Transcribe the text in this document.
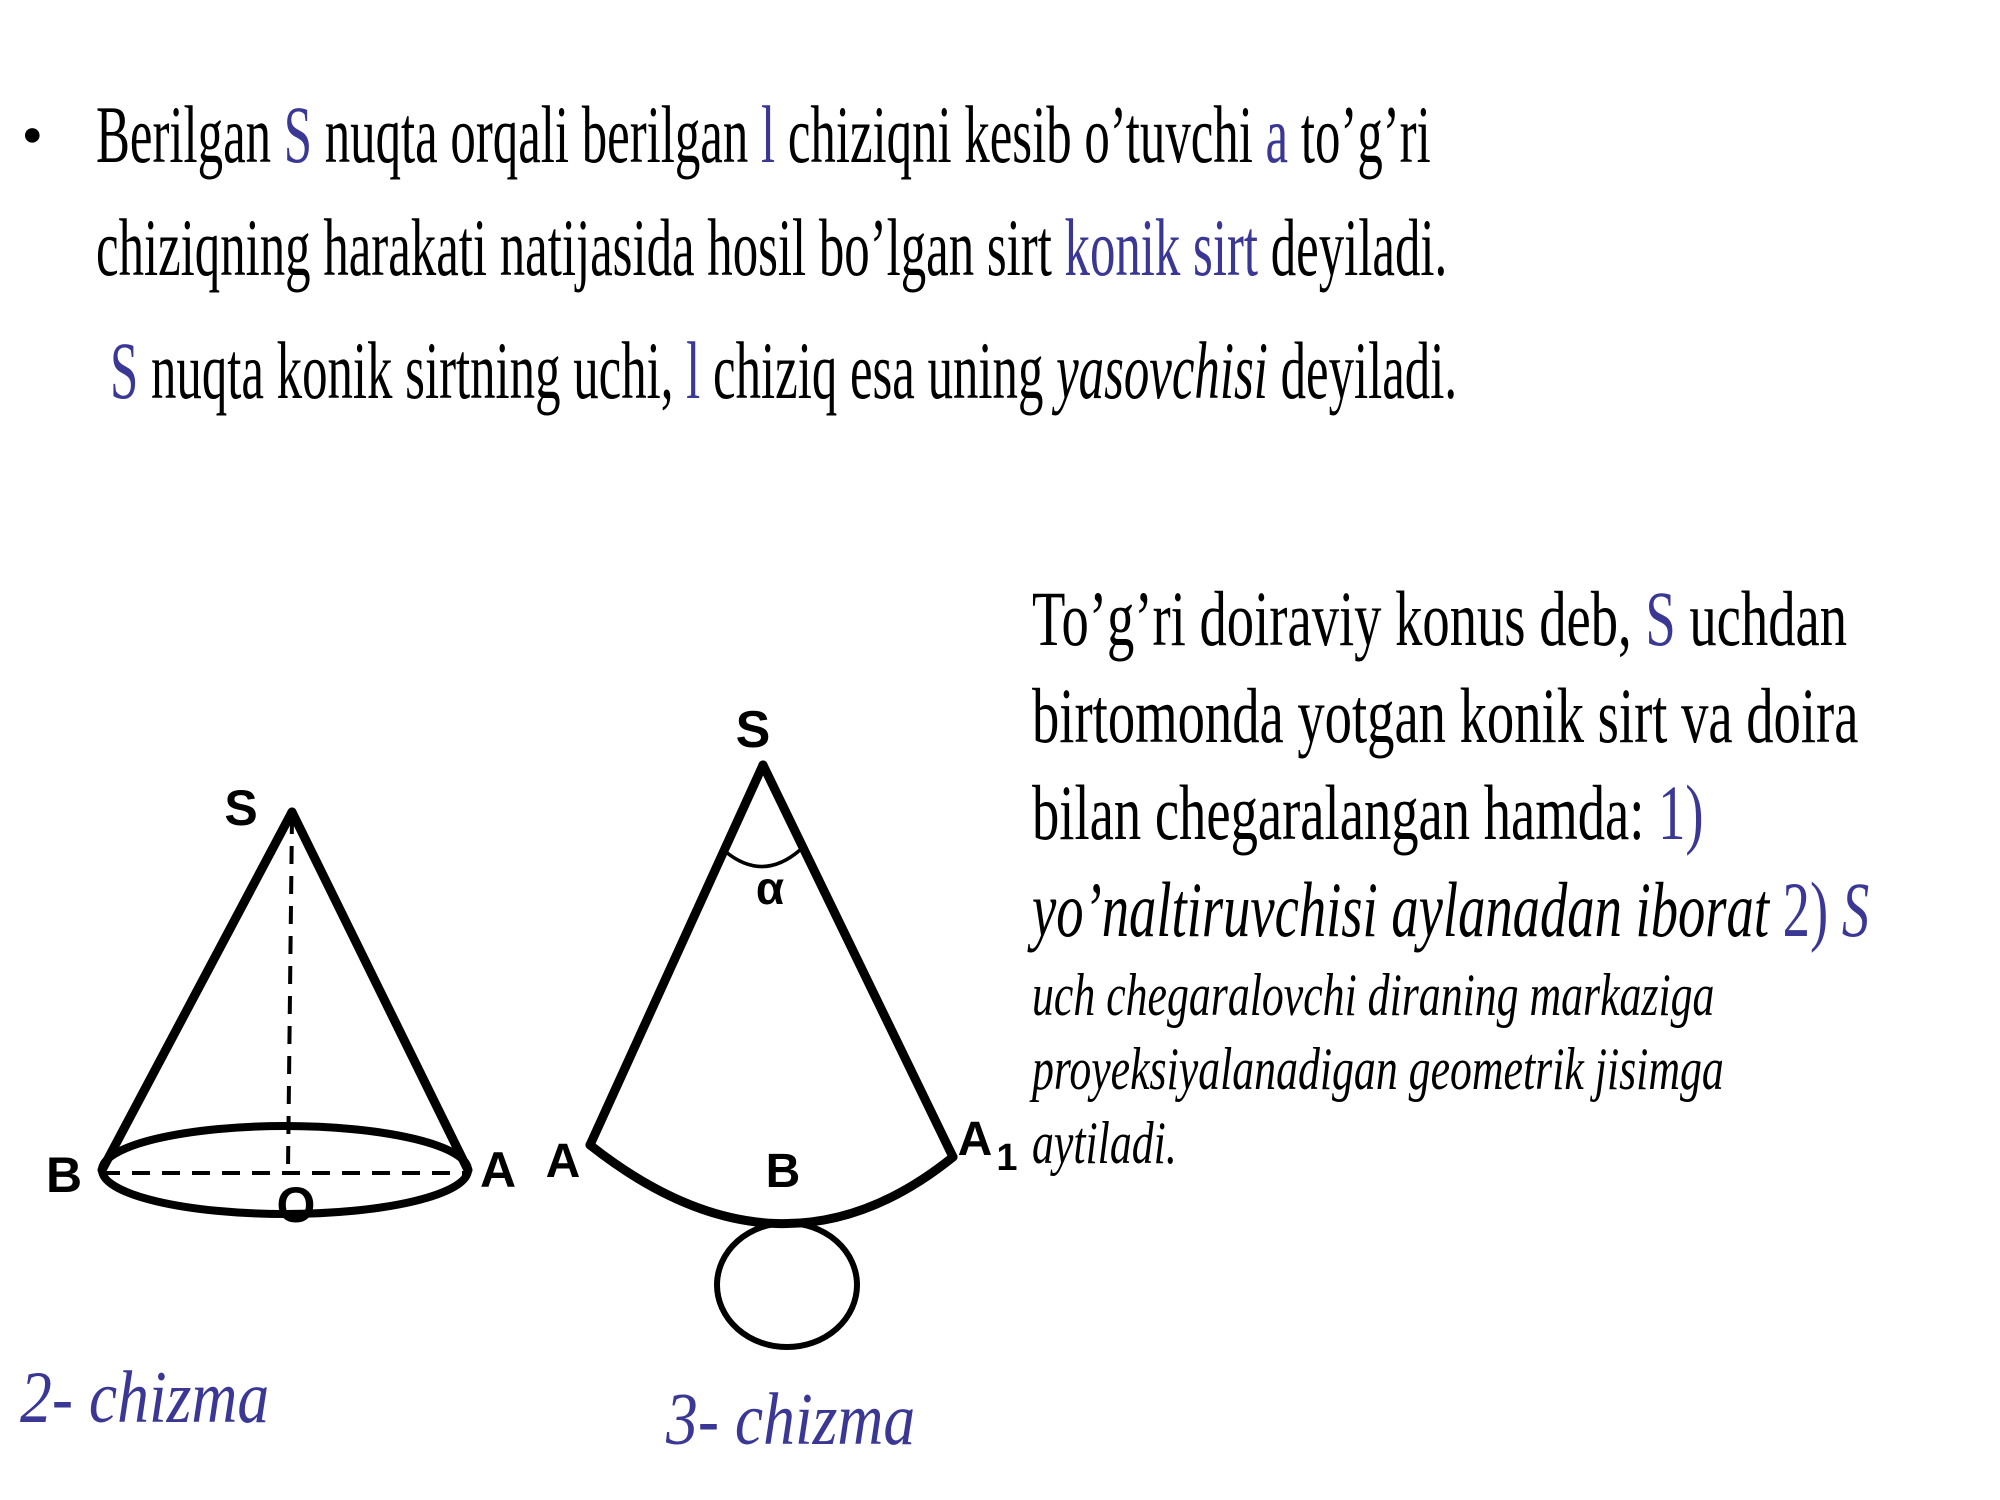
● Berilgan S nuqta orqali berilgan l chiziqni kesib o’tuvchi a to’g’ri
chiziqning harakati natijasida hosil bo’lgan sirt konik sirt deyiladi.
S nuqta konik sirtning uchi, l chiziq esa uning yasovchisi deyiladi.
To’g’ri doiraviy konus deb, S uchdan
birtomonda yotgan konik sirt va doira
bilan chegaralangan hamda: 1)
yo’naltiruvchisi aylanadan iborat 2) S
uch chegaralovchi diraning markaziga
proyeksiyalanadigan geometrik jisimga
aytiladi.
S
B	A
O
α
S
A	B
A 1
2- chizma	3- chizma
